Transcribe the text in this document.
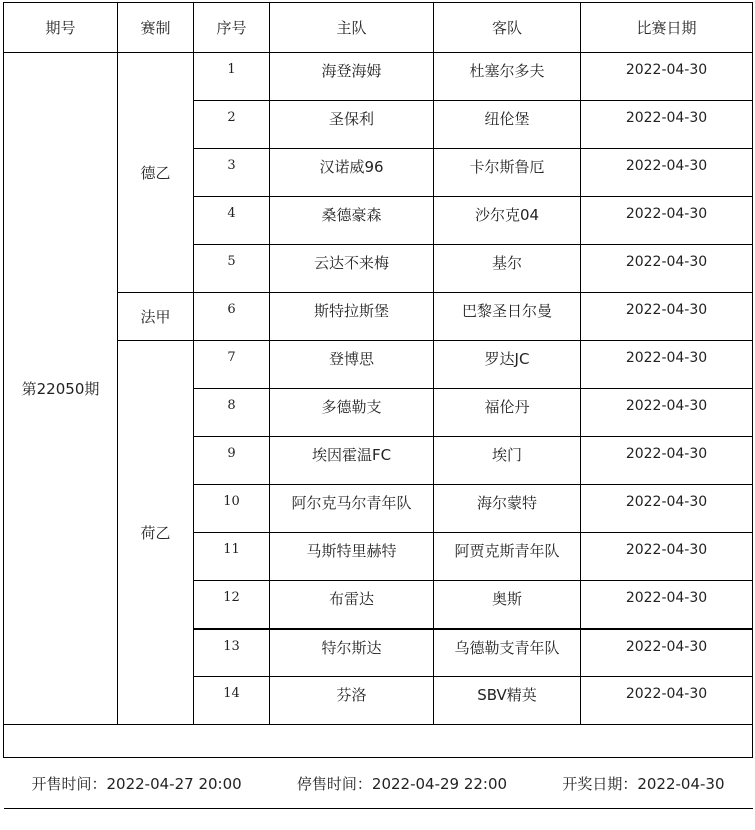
期号	赛制	序号	主队	客队	比赛日期
第22050期	德乙	1	海登海姆	杜塞尔多夫	2022-04-30
		2	圣保利	纽伦堡	2022-04-30
		3	汉诺威96	卡尔斯鲁厄	2022-04-30
		4	桑德豪森	沙尔克04	2022-04-30
		5	云达不来梅	基尔	2022-04-30
	法甲	6	斯特拉斯堡	巴黎圣日尔曼	2022-04-30
	荷乙	7	登博思	罗达JC	2022-04-30
		8	多德勒支	福伦丹	2022-04-30
		9	埃因霍温FC	埃门	2022-04-30
		10	阿尔克马尔青年队	海尔蒙特	2022-04-30
		11	马斯特里赫特	阿贾克斯青年队	2022-04-30
		12	布雷达	奥斯	2022-04-30
		13	特尔斯达	乌德勒支青年队	2022-04-30
		14	芬洛	SBV精英	2022-04-30

开售时间：2022-04-27 20:00 停售时间：2022-04-29 22:00 开奖日期：2022-04-30					
